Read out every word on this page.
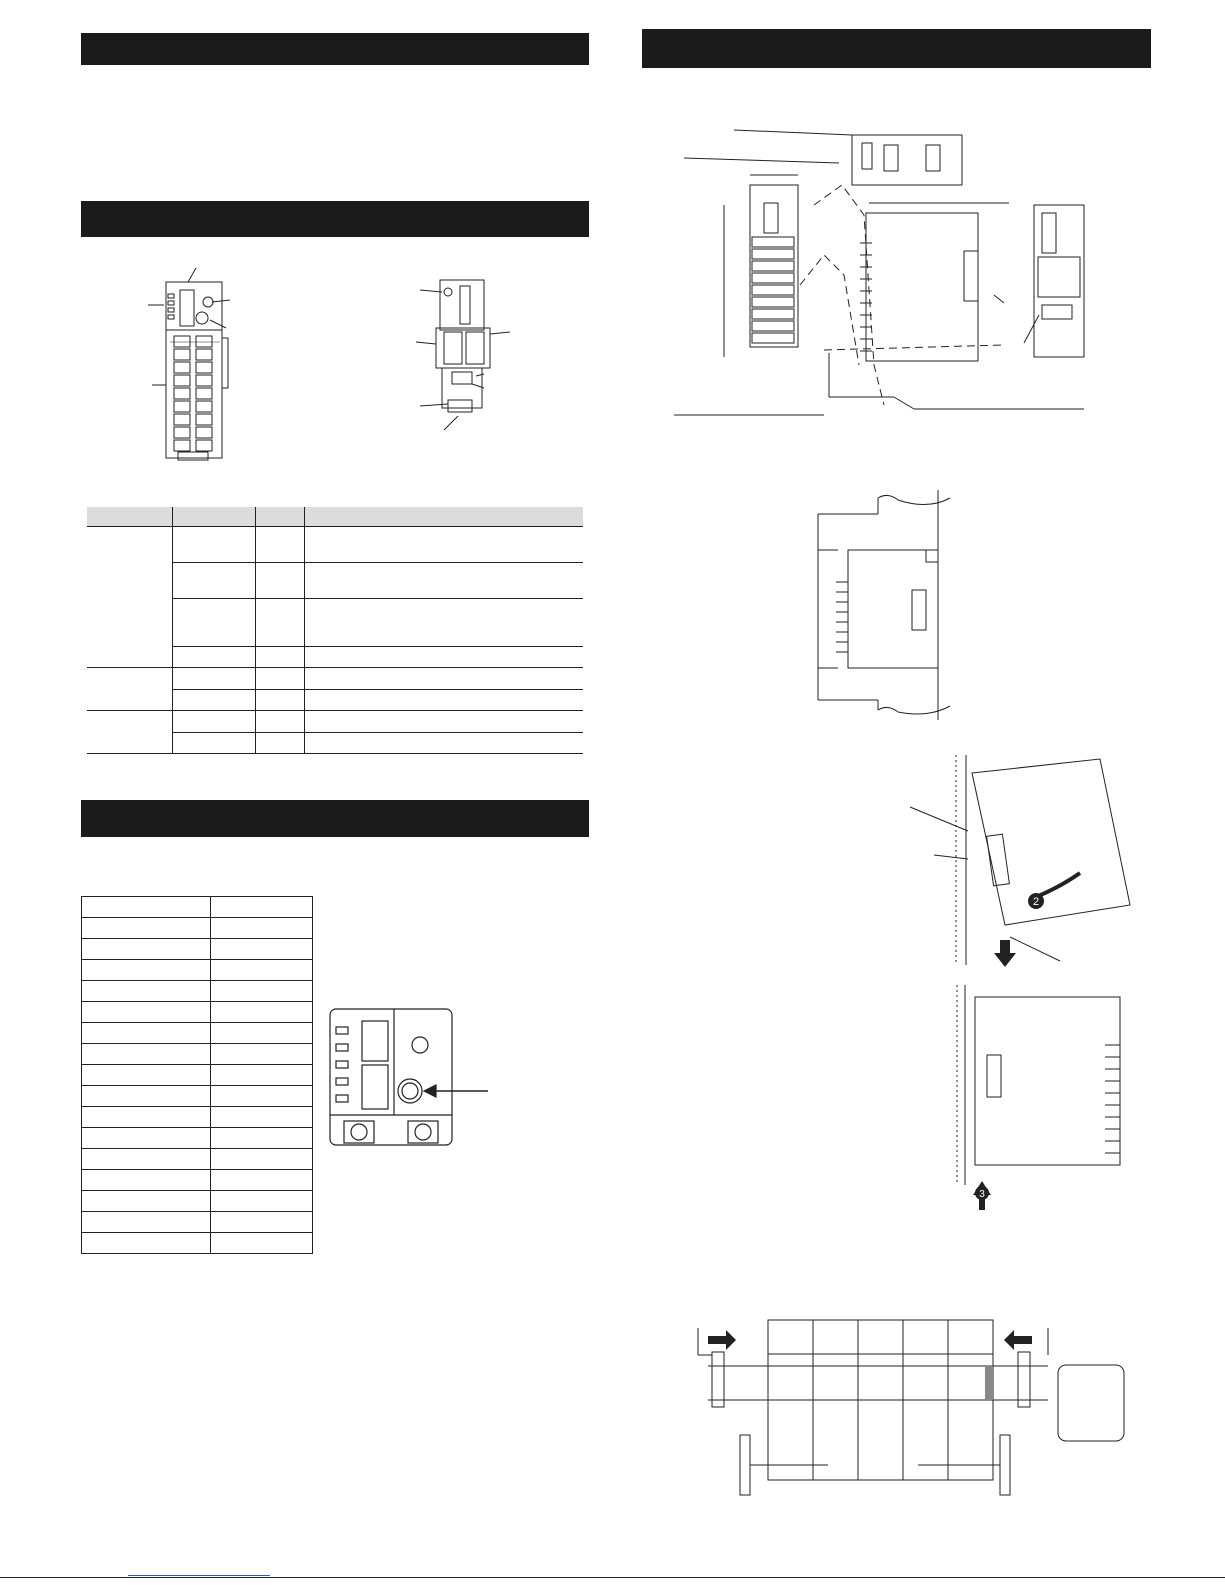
2
3
